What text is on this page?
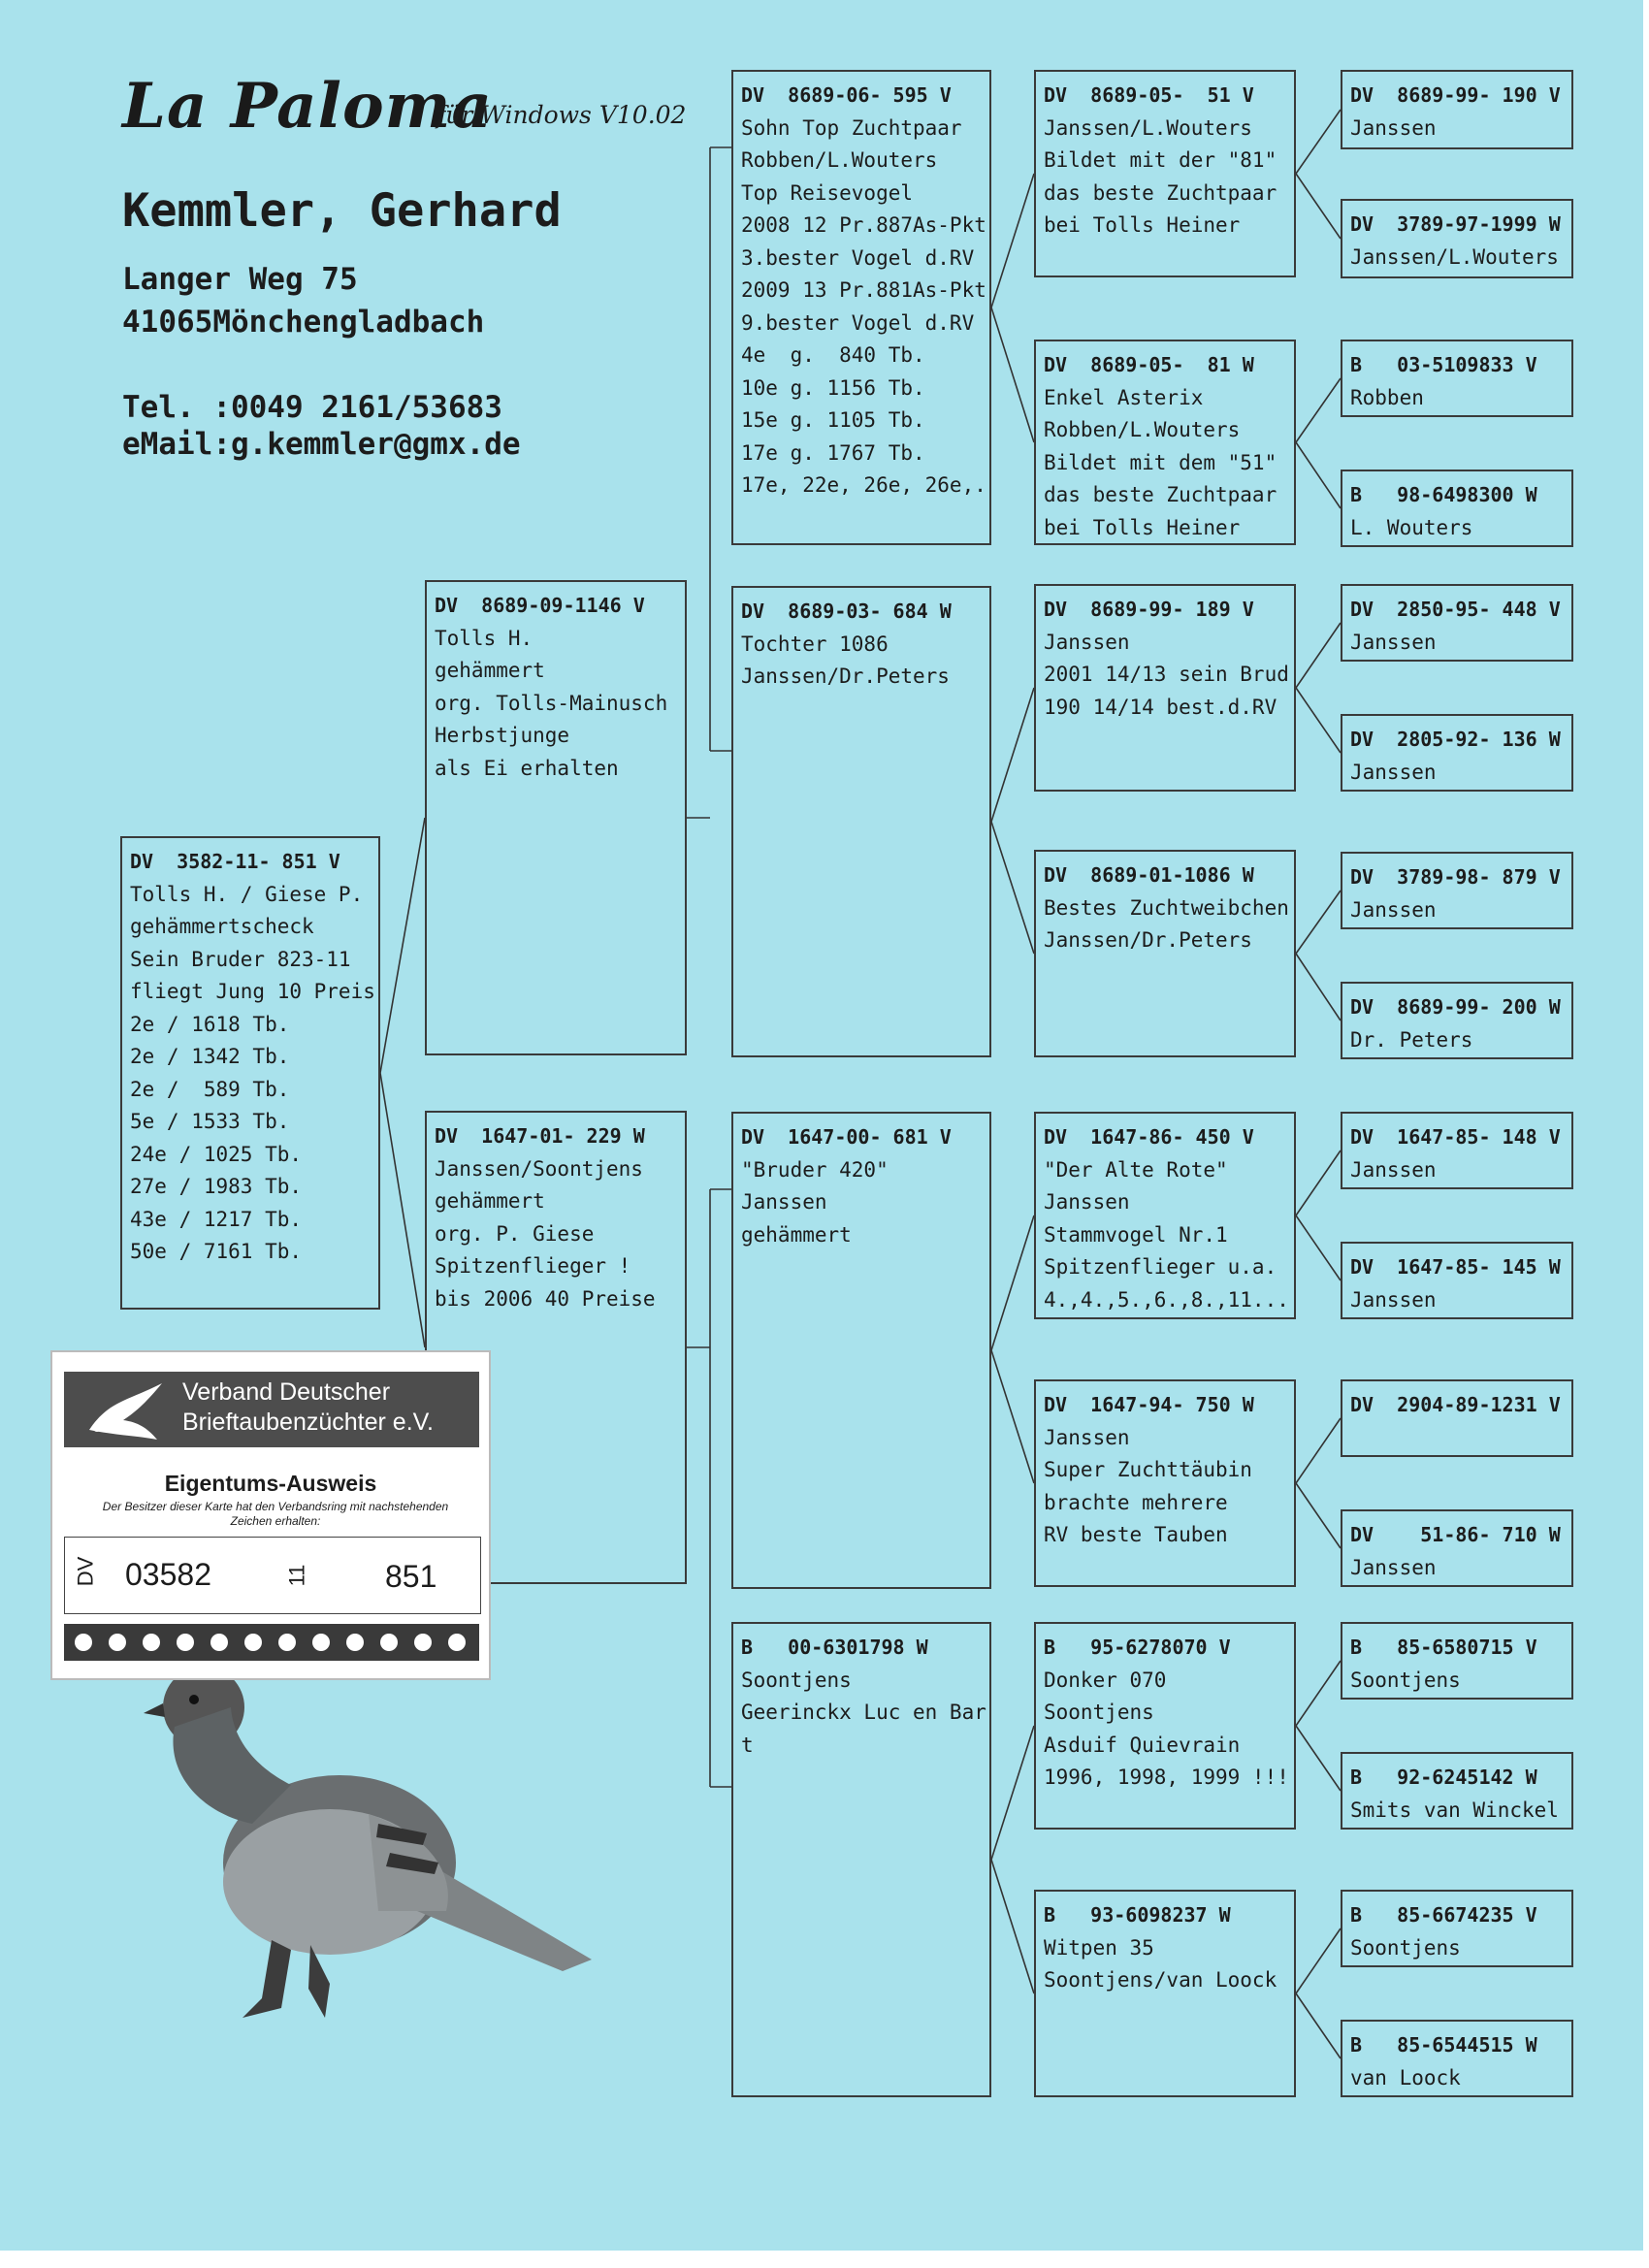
La Paloma
für Windows V10.02
Kemmler, Gerhard
Langer Weg 75
41065Mönchengladbach
Tel. :0049 2161/53683
eMail:g.kemmler@gmx.de
DV  3582-11- 851 V
Tolls H. / Giese P.
gehämmertscheck
Sein Bruder 823-11
fliegt Jung 10 Preis
2e / 1618 Tb.
2e / 1342 Tb.
2e /  589 Tb.
5e / 1533 Tb.
24e / 1025 Tb.
27e / 1983 Tb.
43e / 1217 Tb.
50e / 7161 Tb.
DV  8689-09-1146 V
Tolls H.
gehämmert
org. Tolls-Mainusch
Herbstjunge
als Ei erhalten
DV  1647-01- 229 W
Janssen/Soontjens
gehämmert
org. P. Giese
Spitzenflieger !
bis 2006 40 Preise
DV  8689-06- 595 V
Sohn Top Zuchtpaar
Robben/L.Wouters
Top Reisevogel
2008 12 Pr.887As-Pkt
3.bester Vogel d.RV
2009 13 Pr.881As-Pkt
9.bester Vogel d.RV
4e  g.  840 Tb.
10e g. 1156 Tb.
15e g. 1105 Tb.
17e g. 1767 Tb.
17e, 22e, 26e, 26e,.
DV  8689-03- 684 W
Tochter 1086
Janssen/Dr.Peters
DV  1647-00- 681 V
"Bruder 420"
Janssen
gehämmert
B   00-6301798 W
Soontjens
Geerinckx Luc en Bar
t
DV  8689-05-  51 V
Janssen/L.Wouters
Bildet mit der "81"
das beste Zuchtpaar
bei Tolls Heiner
DV  8689-05-  81 W
Enkel Asterix
Robben/L.Wouters
Bildet mit dem "51"
das beste Zuchtpaar
bei Tolls Heiner
DV  8689-99- 189 V
Janssen
2001 14/13 sein Brud
190 14/14 best.d.RV
DV  8689-01-1086 W
Bestes Zuchtweibchen
Janssen/Dr.Peters
DV  1647-86- 450 V
"Der Alte Rote"
Janssen
Stammvogel Nr.1
Spitzenflieger u.a.
4.,4.,5.,6.,8.,11...
DV  1647-94- 750 W
Janssen
Super Zuchttäubin
brachte mehrere
RV beste Tauben
B   95-6278070 V
Donker 070
Soontjens
Asduif Quievrain
1996, 1998, 1999 !!!
B   93-6098237 W
Witpen 35
Soontjens/van Loock
DV  8689-99- 190 V
Janssen
DV  3789-97-1999 W
Janssen/L.Wouters
B   03-5109833 V
Robben
B   98-6498300 W
L. Wouters
DV  2850-95- 448 V
Janssen
DV  2805-92- 136 W
Janssen
DV  3789-98- 879 V
Janssen
DV  8689-99- 200 W
Dr. Peters
DV  1647-85- 148 V
Janssen
DV  1647-85- 145 W
Janssen
DV  2904-89-1231 V
DV    51-86- 710 W
Janssen
B   85-6580715 V
Soontjens
B   92-6245142 W
Smits van Winckel
B   85-6674235 V
Soontjens
B   85-6544515 W
van Loock
Verband Deutscher
Brieftaubenzüchter e.V.
Eigentums-Ausweis
Der Besitzer dieser Karte hat den Verbandsring mit nachstehenden Zeichen erhalten:
DV 03582	11 851
